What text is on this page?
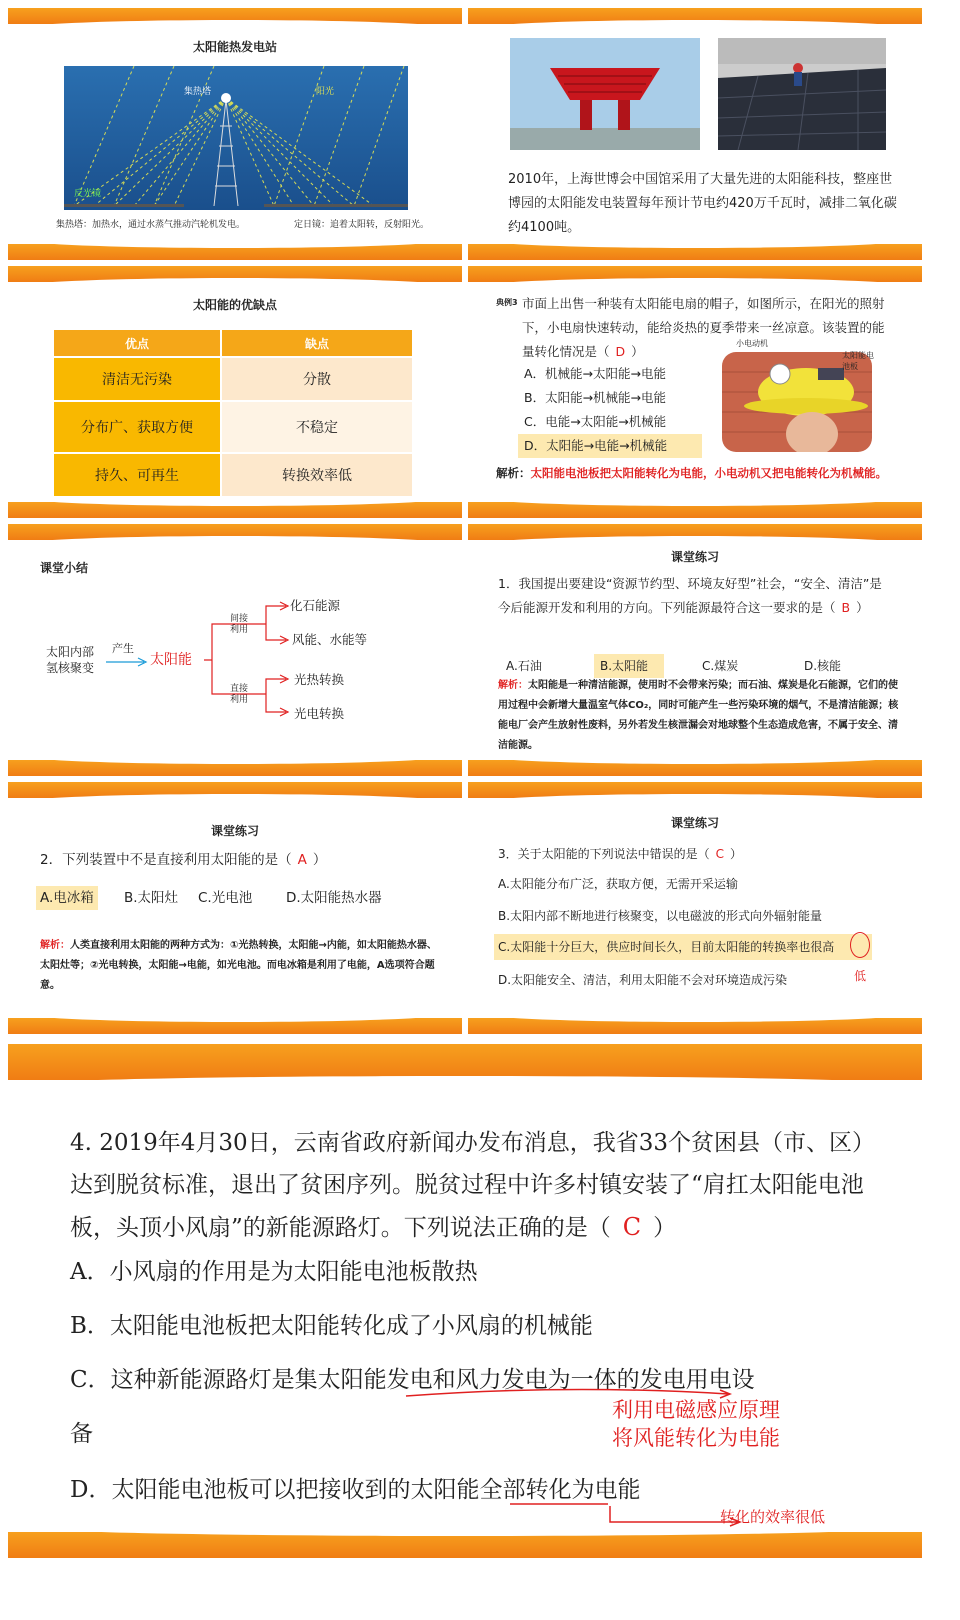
太阳能热发电站
集热塔	阳光
反光镜
集热塔：加热水，通过水蒸气推动汽轮机发电。	定日镜：追着太阳转，反射阳光。
2010年，上海世博会中国馆采用了大量先进的太阳能科技，整座世博园的太阳能发电装置每年预计节电约420万千瓦时，减排二氧化碳约4100吨。
太阳能的优缺点
优点	缺点
清洁无污染	分散
分布广、获取方便	不稳定
持久、可再生	转换效率低
典例3 市面上出售一种装有太阳能电扇的帽子，如图所示，在阳光的照射下，小电扇快速转动，能给炎热的夏季带来一丝凉意。该装置的能量转化情况是（ D ）
A．机械能→太阳能→电能
B．太阳能→机械能→电能
C．电能→太阳能→机械能
D．太阳能→电能→机械能
小电动机
太阳能电池板
解析：太阳能电池板把太阳能转化为电能，小电动机又把电能转化为机械能。
课堂小结
太阳内部氢核聚变
产生
太阳能
间接利用
直接利用
化石能源
风能、水能等
光热转换
光电转换
课堂练习
1．我国提出要建设“资源节约型、环境友好型”社会，“安全、清洁”是今后能源开发和利用的方向。下列能源最符合这一要求的是（ B ）
A.石油	B.太阳能	C.煤炭	D.核能
解析：太阳能是一种清洁能源，使用时不会带来污染；而石油、煤炭是化石能源，它们的使用过程中会新增大量温室气体CO₂，同时可能产生一些污染环境的烟气，不是清洁能源；核能电厂会产生放射性废料，另外若发生核泄漏会对地球整个生态造成危害，不属于安全、清洁能源。
课堂练习
2．下列装置中不是直接利用太阳能的是（ A ）
A.电冰箱 B.太阳灶 C.光电池	D.太阳能热水器
解析：人类直接利用太阳能的两种方式为：①光热转换，太阳能→内能，如太阳能热水器、太阳灶等；②光电转换，太阳能→电能，如光电池。而电冰箱是利用了电能，A选项符合题意。
课堂练习
3．关于太阳能的下列说法中错误的是（ C ）
A.太阳能分布广泛，获取方便，无需开采运输
B.太阳内部不断地进行核聚变，以电磁波的形式向外辐射能量
C.太阳能十分巨大，供应时间长久，目前太阳能的转换率也很高
D.太阳能安全、清洁，利用太阳能不会对环境造成污染	低
4. 2019年4月30日，云南省政府新闻办发布消息，我省33个贫困县（市、区）达到脱贫标准，退出了贫困序列。脱贫过程中许多村镇安装了“肩扛太阳能电池板，头顶小风扇”的新能源路灯。下列说法正确的是（ C ）
A．小风扇的作用是为太阳能电池板散热
B．太阳能电池板把太阳能转化成了小风扇的机械能
C．这种新能源路灯是集太阳能发电和风力发电为一体的发电用电设
备
利用电磁感应原理
将风能转化为电能
D．太阳能电池板可以把接收到的太阳能全部转化为电能
转化的效率很低
